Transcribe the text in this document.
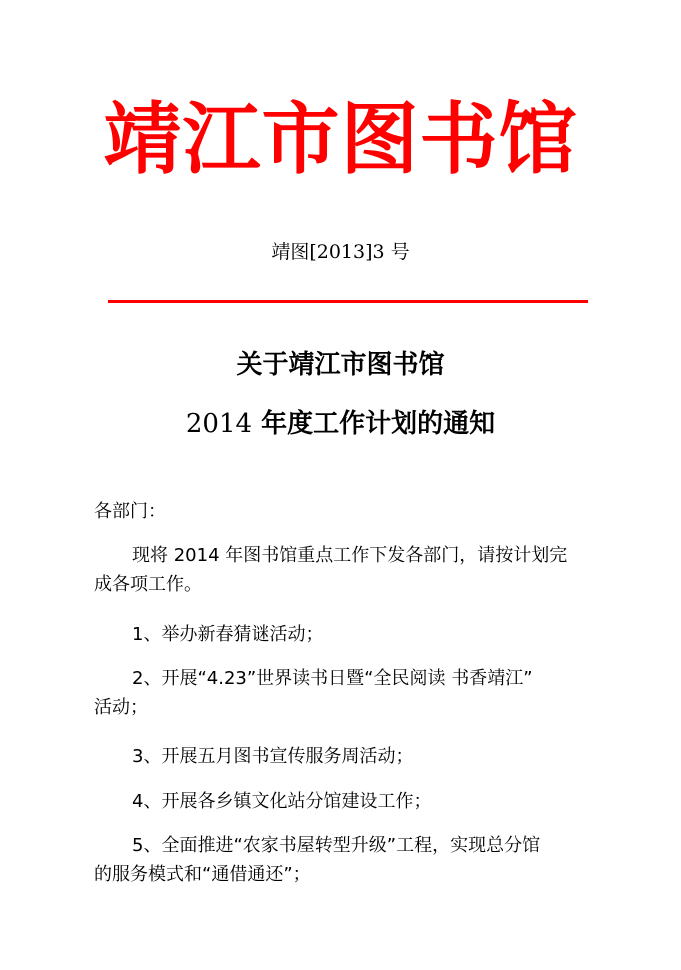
靖江市图书馆
靖图[2013]3 号
关于靖江市图书馆
2014 年度工作计划的通知
各部门：
现将 2014 年图书馆重点工作下发各部门，请按计划完
成各项工作。
1、举办新春猜谜活动；
2、开展“4.23”世界读书日暨“全民阅读 书香靖江”
活动；
3、开展五月图书宣传服务周活动；
4、开展各乡镇文化站分馆建设工作；
5、全面推进“农家书屋转型升级”工程，实现总分馆
的服务模式和“通借通还”；
